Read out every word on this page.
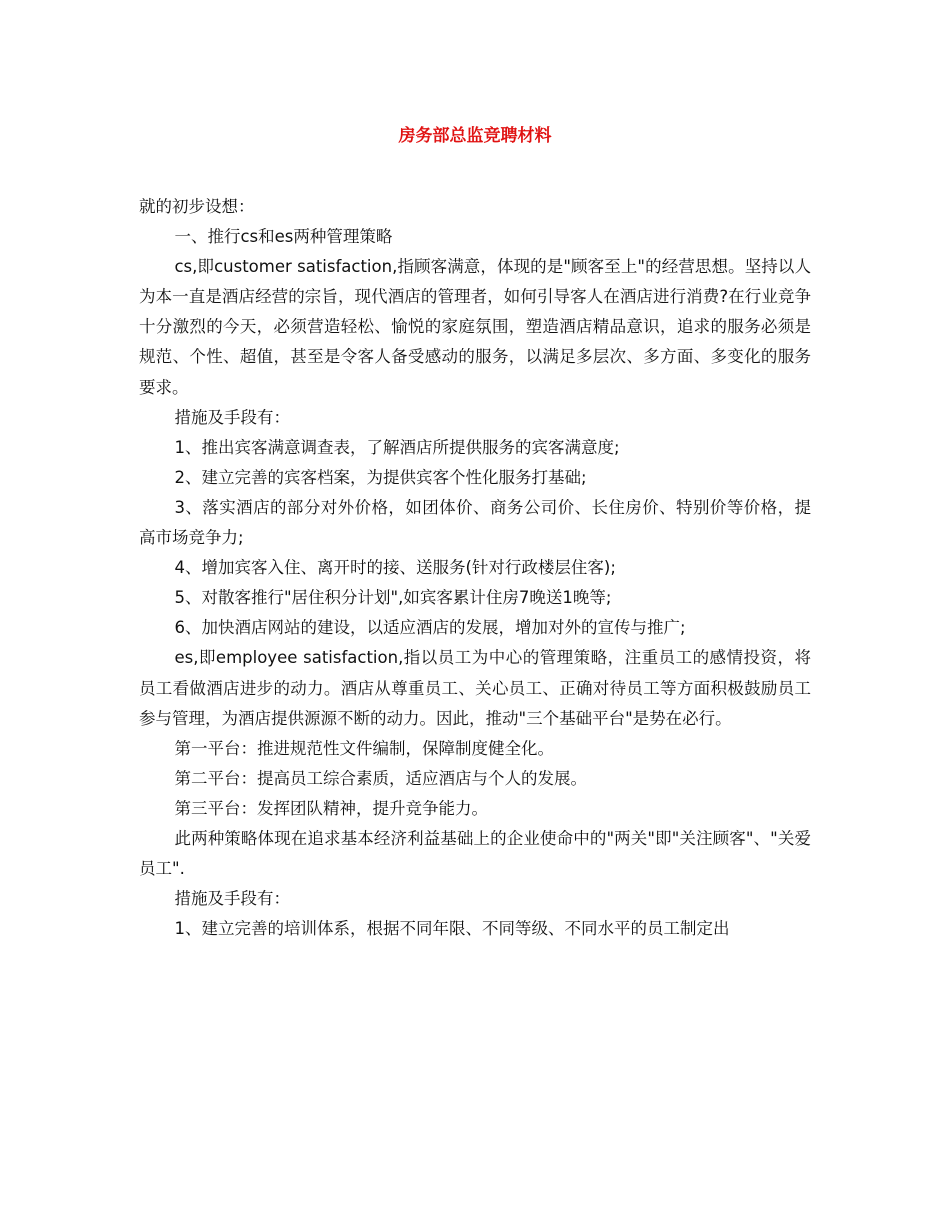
房务部总监竞聘材料

就的初步设想：

一、推行cs和es两种管理策略

cs,即customer satisfaction,指顾客满意，体现的是"顾客至上"的经营思想。坚持以人为本一直是酒店经营的宗旨，现代酒店的管理者，如何引导客人在酒店进行消费?在行业竞争十分激烈的今天，必须营造轻松、愉悦的家庭氛围，塑造酒店精品意识，追求的服务必须是规范、个性、超值，甚至是令客人备受感动的服务，以满足多层次、多方面、多变化的服务要求。

措施及手段有：

1、推出宾客满意调查表，了解酒店所提供服务的宾客满意度;

2、建立完善的宾客档案，为提供宾客个性化服务打基础;

3、落实酒店的部分对外价格，如团体价、商务公司价、长住房价、特别价等价格，提高市场竞争力;

4、增加宾客入住、离开时的接、送服务(针对行政楼层住客);

5、对散客推行"居住积分计划",如宾客累计住房7晚送1晚等;

6、加快酒店网站的建设，以适应酒店的发展，增加对外的宣传与推广;

es,即employee satisfaction,指以员工为中心的管理策略，注重员工的感情投资，将员工看做酒店进步的动力。酒店从尊重员工、关心员工、正确对待员工等方面积极鼓励员工参与管理，为酒店提供源源不断的动力。因此，推动"三个基础平台"是势在必行。

第一平台：推进规范性文件编制，保障制度健全化。

第二平台：提高员工综合素质，适应酒店与个人的发展。

第三平台：发挥团队精神，提升竞争能力。

此两种策略体现在追求基本经济利益基础上的企业使命中的"两关"即"关注顾客"、"关爱员工".

措施及手段有：

1、建立完善的培训体系，根据不同年限、不同等级、不同水平的员工制定出
